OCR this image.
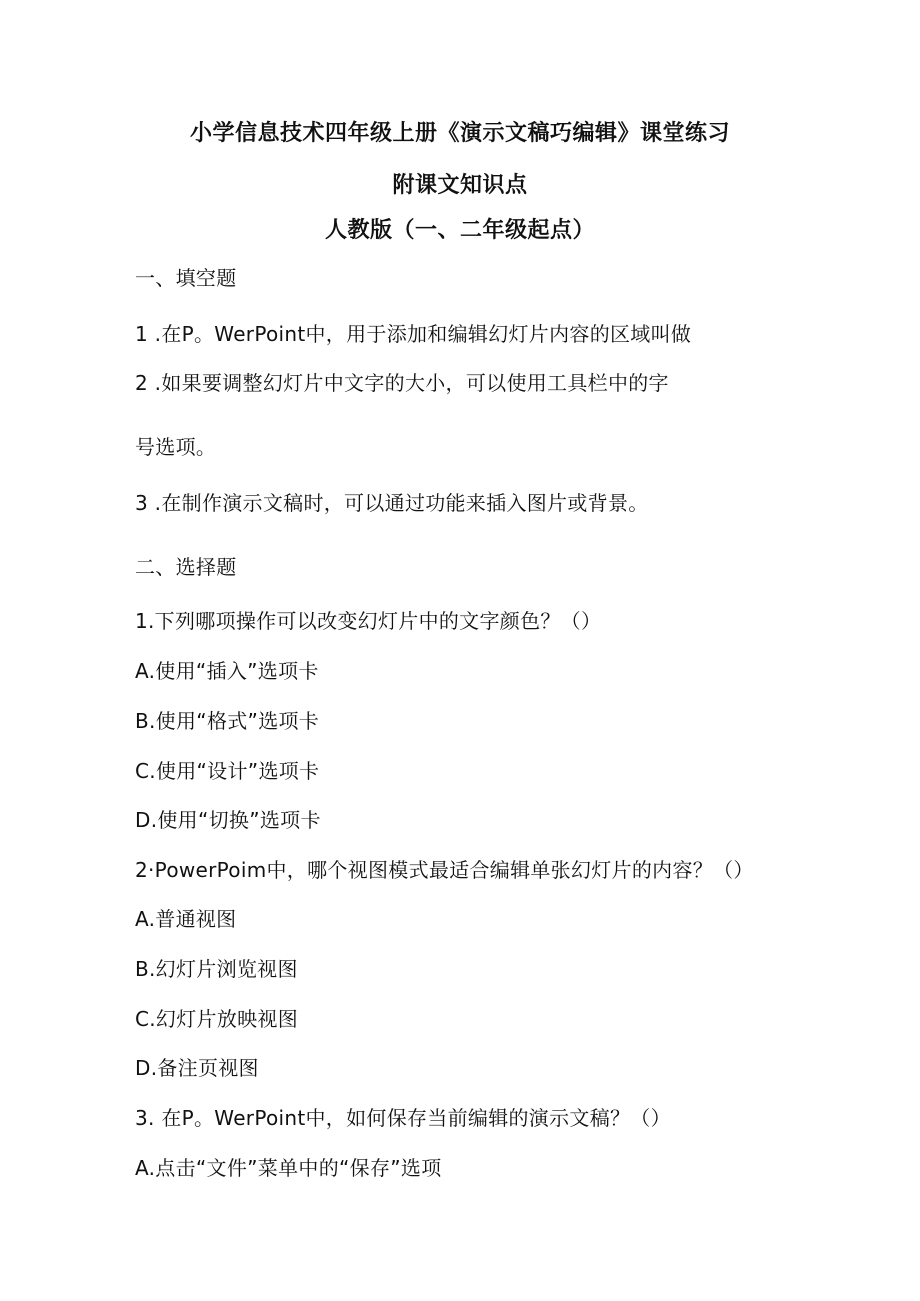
小学信息技术四年级上册《演示文稿巧编辑》课堂练习
附课文知识点
人教版（一、二年级起点）
一、填空题
1 .在P。WerPoint中，用于添加和编辑幻灯片内容的区域叫做
2 .如果要调整幻灯片中文字的大小，可以使用工具栏中的字
号选项。
3 .在制作演示文稿时，可以通过功能来插入图片或背景。
二、选择题
1.下列哪项操作可以改变幻灯片中的文字颜色？（）
A.使用“插入”选项卡
B.使用“格式”选项卡
C.使用“设计”选项卡
D.使用“切换”选项卡
2·PowerPoim中，哪个视图模式最适合编辑单张幻灯片的内容？（）
A.普通视图
B.幻灯片浏览视图
C.幻灯片放映视图
D.备注页视图
3. 在P。WerPoint中，如何保存当前编辑的演示文稿？（）
A.点击“文件”菜单中的“保存”选项
